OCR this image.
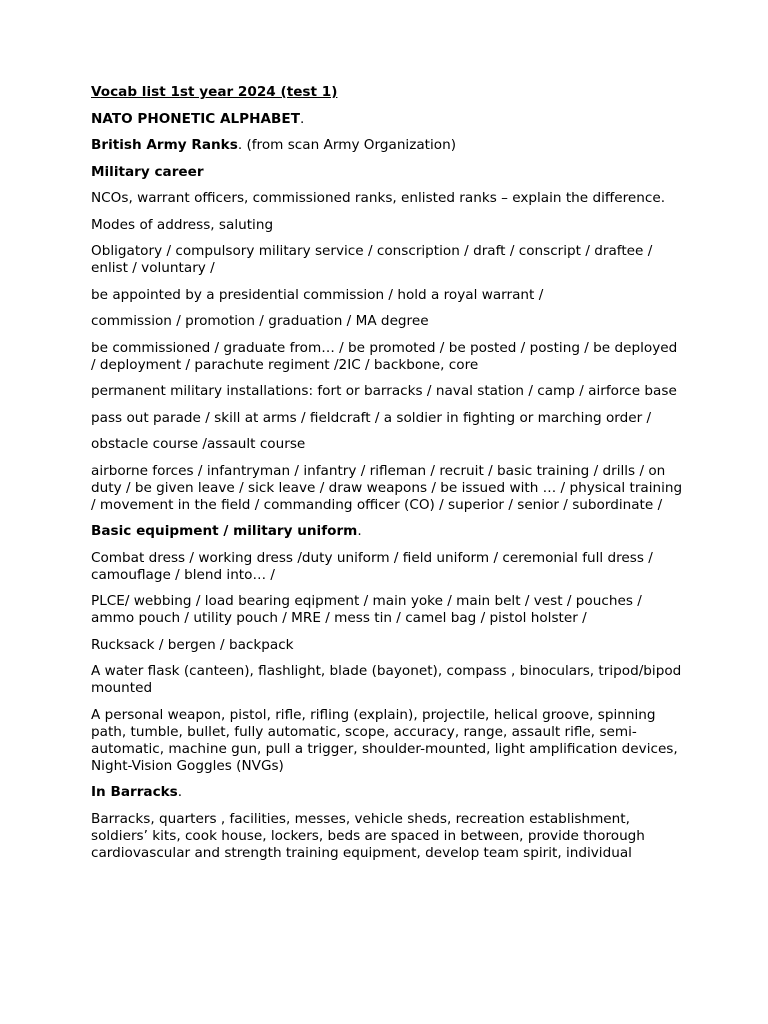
Vocab list 1st year 2024 (test 1)

NATO PHONETIC ALPHABET.

British Army Ranks. (from scan Army Organization)

Military career

NCOs, warrant officers, commissioned ranks, enlisted ranks – explain the difference.

Modes of address, saluting

Obligatory / compulsory military service / conscription / draft / conscript / draftee / enlist / voluntary /

be appointed by a presidential commission / hold a royal warrant /

commission / promotion / graduation / MA degree

be commissioned / graduate from… / be promoted / be posted / posting / be deployed / deployment / parachute regiment /2IC / backbone, core

permanent military installations: fort or barracks / naval station / camp / airforce base

pass out parade / skill at arms / fieldcraft / a soldier in fighting or marching order /

obstacle course /assault course

airborne forces / infantryman / infantry / rifleman / recruit / basic training / drills / on duty / be given leave / sick leave / draw weapons / be issued with … / physical training / movement in the field / commanding officer (CO) / superior / senior / subordinate /

Basic equipment / military uniform.

Combat dress / working dress /duty uniform / field uniform / ceremonial full dress / camouflage / blend into… /

PLCE/ webbing / load bearing eqipment / main yoke / main belt / vest / pouches / ammo pouch / utility pouch / MRE / mess tin / camel bag / pistol holster /

Rucksack / bergen / backpack

A water flask (canteen), flashlight, blade (bayonet), compass , binoculars, tripod/bipod mounted

A personal weapon, pistol, rifle, rifling (explain), projectile, helical groove, spinning path, tumble, bullet, fully automatic, scope, accuracy, range, assault rifle, semi-automatic, machine gun, pull a trigger, shoulder-mounted, light amplification devices, Night-Vision Goggles (NVGs)

In Barracks.

Barracks, quarters , facilities, messes, vehicle sheds, recreation establishment, soldiers’ kits, cook house, lockers, beds are spaced in between, provide thorough cardiovascular and strength training equipment, develop team spirit, individual
